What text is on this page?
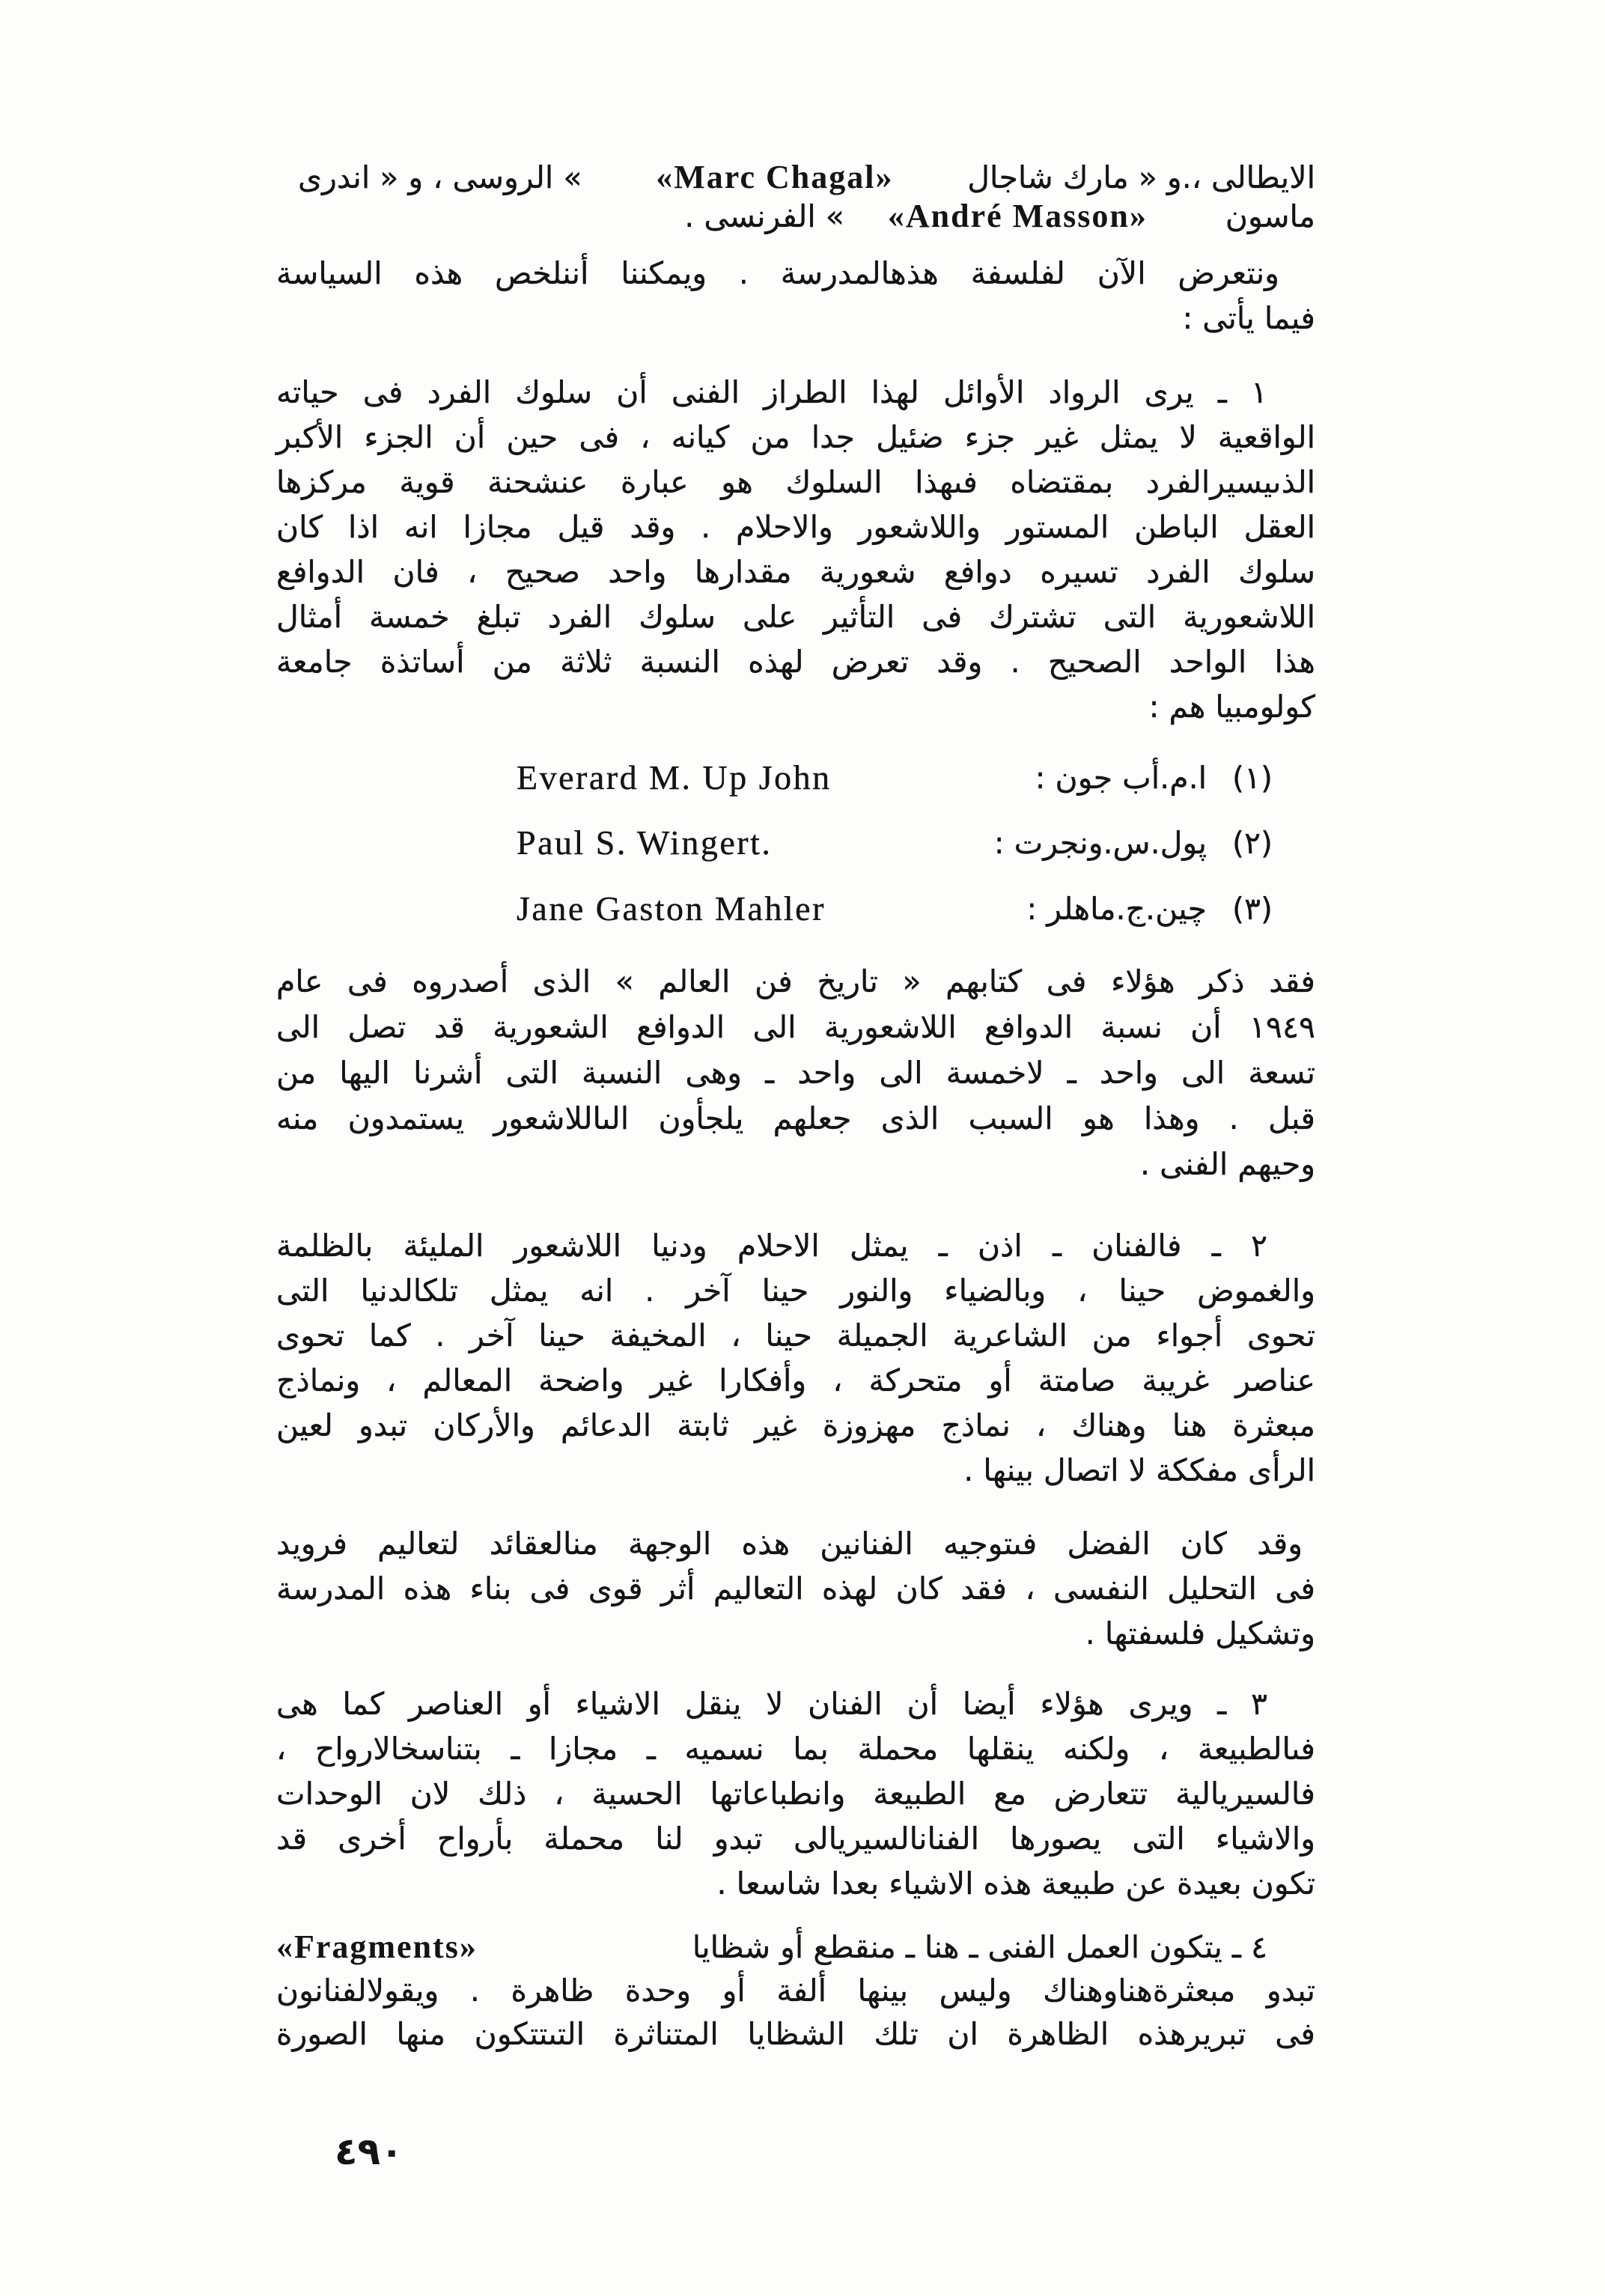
الايطالى ،.و « مارك شاجال
«Marc Chagal»
» الروسى ، و « اندرى
ماسون
«André Masson»
» الفرنسى .
ونتعرض الآن لفلسفة هذهالمدرسة . ويمكننا أننلخص هذه السياسة
فيما يأتى :
١ ـ يرى الرواد الأوائل لهذا الطراز الفنى أن سلوك الفرد فى حياته
الواقعية لا يمثل غير جزء ضئيل جدا من كيانه ، فى حين أن الجزء الأكبر
الذىيسيرالفرد بمقتضاه فىهذا السلوك هو عبارة عنشحنة قوية مركزها
العقل الباطن المستور واللاشعور والاحلام . وقد قيل مجازا انه اذا كان
سلوك الفرد تسيره دوافع شعورية مقدارها واحد صحيح ، فان الدوافع
اللاشعورية التى تشترك فى التأثير على سلوك الفرد تبلغ خمسة أمثال
هذا الواحد الصحيح . وقد تعرض لهذه النسبة ثلاثة من أساتذة جامعة
كولومبيا هم :
(١)
ا.م.أب جون :
Everard M. Up John
(٢)
پول.س.ونجرت :
Paul S. Wingert.
(٣)
چين.ج.ماهلر :
Jane Gaston Mahler
فقد ذكر هؤلاء فى كتابهم « تاريخ فن العالم » الذى أصدروه فى عام
١٩٤٩ أن نسبة الدوافع اللاشعورية الى الدوافع الشعورية قد تصل الى
تسعة الى واحد ـ لاخمسة الى واحد ـ وهى النسبة التى أشرنا اليها من
قبل . وهذا هو السبب الذى جعلهم يلجأون الىاللاشعور يستمدون منه
وحيهم الفنى .
٢ ـ فالفنان ـ اذن ـ يمثل الاحلام ودنيا اللاشعور المليئة بالظلمة
والغموض حينا ، وبالضياء والنور حينا آخر . انه يمثل تلكالدنيا التى
تحوى أجواء من الشاعرية الجميلة حينا ، المخيفة حينا آخر . كما تحوى
عناصر غريبة صامتة أو متحركة ، وأفكارا غير واضحة المعالم ، ونماذج
مبعثرة هنا وهناك ، نماذج مهزوزة غير ثابتة الدعائم والأركان تبدو لعين
الرأى مفككة لا اتصال بينها .
وقد كان الفضل فىتوجيه الفنانين هذه الوجهة منالعقائد لتعاليم فرويد
فى التحليل النفسى ، فقد كان لهذه التعاليم أثر قوى فى بناء هذه المدرسة
وتشكيل فلسفتها .
٣ ـ ويرى هؤلاء أيضا أن الفنان لا ينقل الاشياء أو العناصر كما هى
فىالطبيعة ، ولكنه ينقلها محملة بما نسميه ـ مجازا ـ بتناسخالارواح ،
فالسيريالية تتعارض مع الطبيعة وانطباعاتها الحسية ، ذلك لان الوحدات
والاشياء التى يصورها الفنانالسيريالى تبدو لنا محملة بأرواح أخرى قد
تكون بعيدة عن طبيعة هذه الاشياء بعدا شاسعا .
٤ ـ يتكون العمل الفنى ـ هنا ـ منقطع أو شظايا
«Fragments»
تبدو مبعثرةهناوهناك وليس بينها ألفة أو وحدة ظاهرة . ويقولالفنانون
فى تبريرهذه الظاهرة ان تلك الشظايا المتناثرة التىتتكون منها الصورة
٤٩٠
